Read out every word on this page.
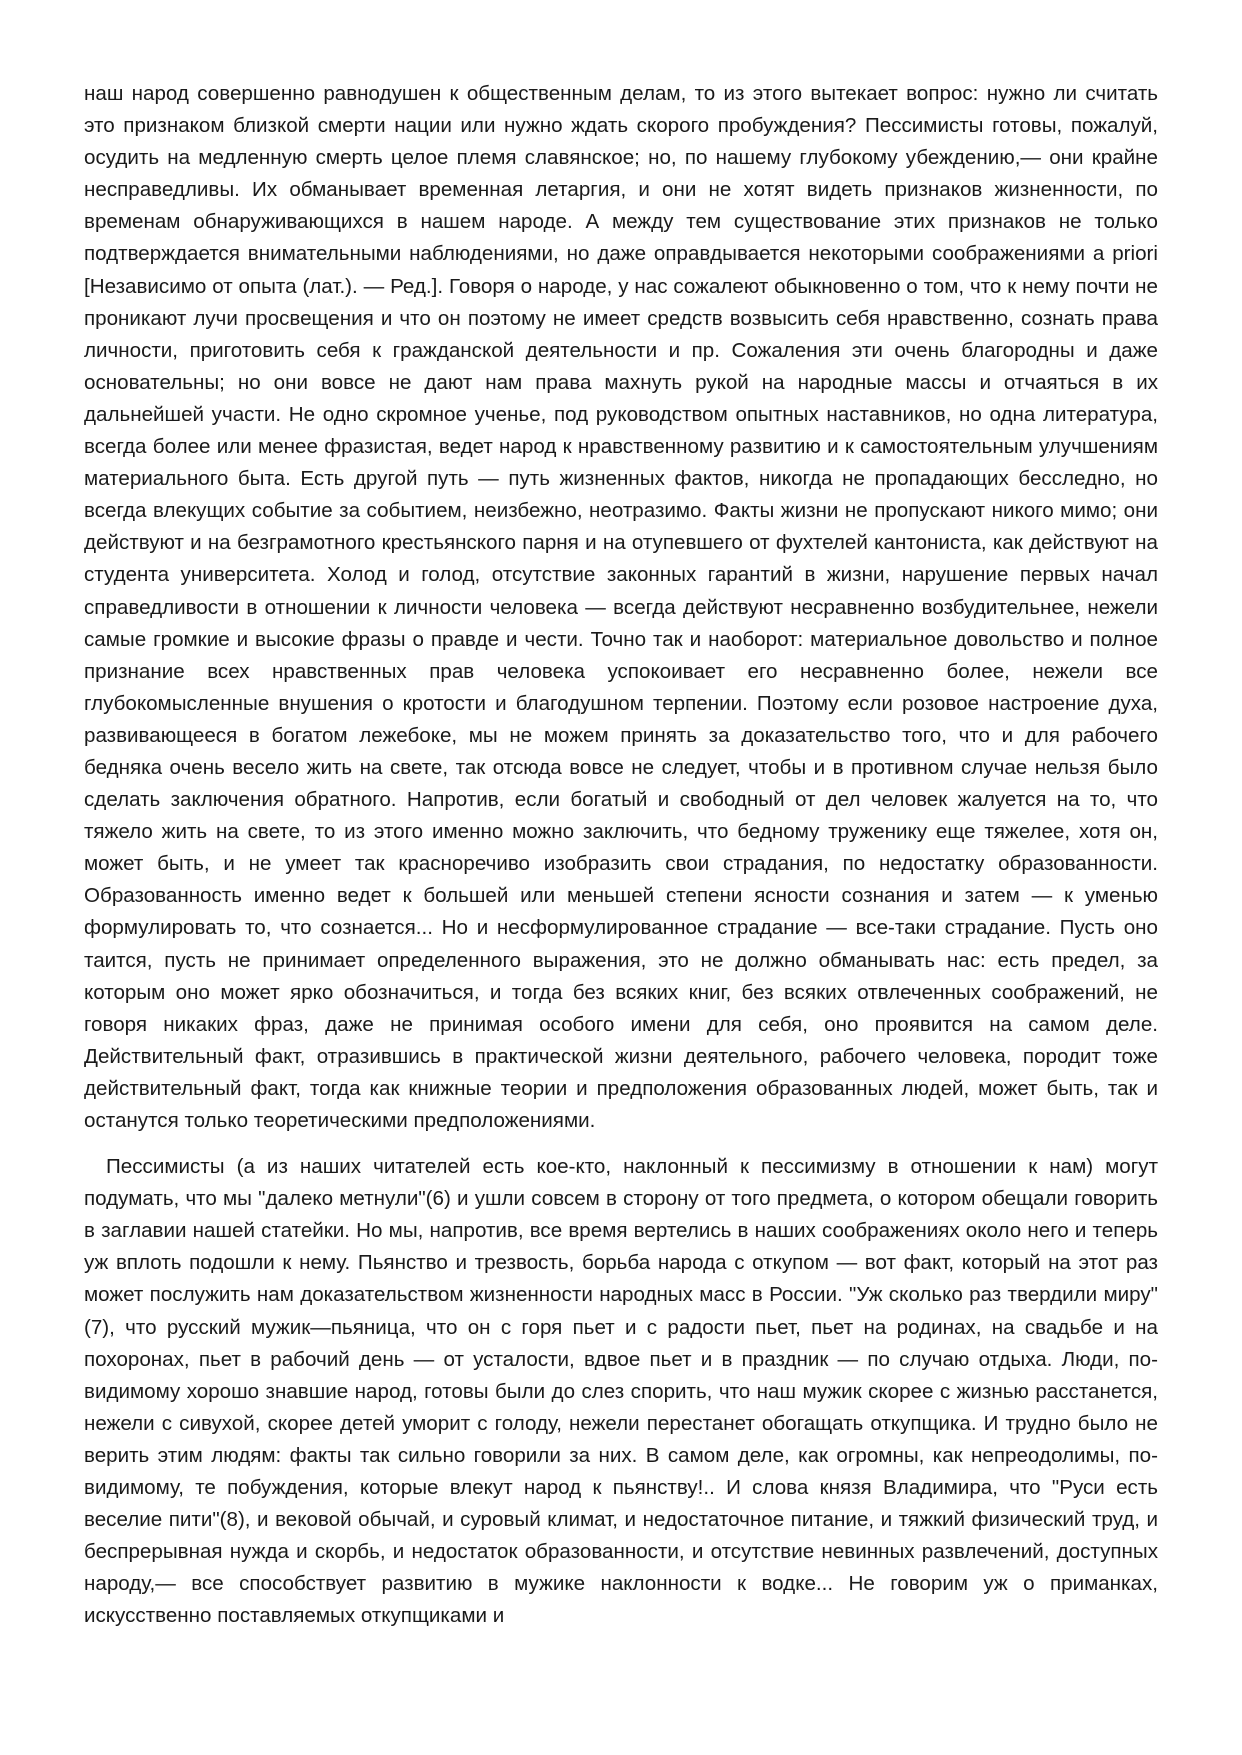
наш народ совершенно равнодушен к общественным делам, то из этого вытекает вопрос: нужно ли считать это признаком близкой смерти нации или нужно ждать скорого пробуждения? Пессимисты готовы, пожалуй, осудить на медленную смерть целое племя славянское; но, по нашему глубокому убеждению,— они крайне несправедливы. Их обманывает временная летаргия, и они не хотят видеть признаков жизненности, по временам обнаруживающихся в нашем народе. А между тем существование этих признаков не только подтверждается внимательными наблюдениями, но даже оправдывается некоторыми соображениями a priori [Независимо от опыта (лат.). — Ред.]. Говоря о народе, у нас сожалеют обыкновенно о том, что к нему почти не проникают лучи просвещения и что он поэтому не имеет средств возвысить себя нравственно, сознать права личности, приготовить себя к гражданской деятельности и пр. Сожаления эти очень благородны и даже основательны; но они вовсе не дают нам права махнуть рукой на народные массы и отчаяться в их дальнейшей участи. Не одно скромное ученье, под руководством опытных наставников, но одна литература, всегда более или менее фразистая, ведет народ к нравственному развитию и к самостоятельным улучшениям материального быта. Есть другой путь — путь жизненных фактов, никогда не пропадающих бесследно, но всегда влекущих событие за событием, неизбежно, неотразимо. Факты жизни не пропускают никого мимо; они действуют и на безграмотного крестьянского парня и на отупевшего от фухтелей кантониста, как действуют на студента университета. Холод и голод, отсутствие законных гарантий в жизни, нарушение первых начал справедливости в отношении к личности человека — всегда действуют несравненно возбудительнее, нежели самые громкие и высокие фразы о правде и чести. Точно так и наоборот: материальное довольство и полное признание всех нравственных прав человека успокоивает его несравненно более, нежели все глубокомысленные внушения о кротости и благодушном терпении. Поэтому если розовое настроение духа, развивающееся в богатом лежебоке, мы не можем принять за доказательство того, что и для рабочего бедняка очень весело жить на свете, так отсюда вовсе не следует, чтобы и в противном случае нельзя было сделать заключения обратного. Напротив, если богатый и свободный от дел человек жалуется на то, что тяжело жить на свете, то из этого именно можно заключить, что бедному труженику еще тяжелее, хотя он, может быть, и не умеет так красноречиво изобразить свои страдания, по недостатку образованности. Образованность именно ведет к большей или меньшей степени ясности сознания и затем — к уменью формулировать то, что сознается... Но и несформулированное страдание — все-таки страдание. Пусть оно таится, пусть не принимает определенного выражения, это не должно обманывать нас: есть предел, за которым оно может ярко обозначиться, и тогда без всяких книг, без всяких отвлеченных соображений, не говоря никаких фраз, даже не принимая особого имени для себя, оно проявится на самом деле. Действительный факт, отразившись в практической жизни деятельного, рабочего человека, породит тоже действительный факт, тогда как книжные теории и предположения образованных людей, может быть, так и останутся только теоретическими предположениями.

Пессимисты (а из наших читателей есть кое-кто, наклонный к пессимизму в отношении к нам) могут подумать, что мы "далеко метнули"(6) и ушли совсем в сторону от того предмета, о котором обещали говорить в заглавии нашей статейки. Но мы, напротив, все время вертелись в наших соображениях около него и теперь уж вплоть подошли к нему. Пьянство и трезвость, борьба народа с откупом — вот факт, который на этот раз может послужить нам доказательством жизненности народных масс в России. "Уж сколько раз твердили миру"(7), что русский мужик—пьяница, что он с горя пьет и с радости пьет, пьет на родинах, на свадьбе и на похоронах, пьет в рабочий день — от усталости, вдвое пьет и в праздник — по случаю отдыха. Люди, по-видимому хорошо знавшие народ, готовы были до слез спорить, что наш мужик скорее с жизнью расстанется, нежели с сивухой, скорее детей уморит с голоду, нежели перестанет обогащать откупщика. И трудно было не верить этим людям: факты так сильно говорили за них. В самом деле, как огромны, как непреодолимы, по-видимому, те побуждения, которые влекут народ к пьянству!.. И слова князя Владимира, что "Руси есть веселие пити"(8), и вековой обычай, и суровый климат, и недостаточное питание, и тяжкий физический труд, и беспрерывная нужда и скорбь, и недостаток образованности, и отсутствие невинных развлечений, доступных народу,— все способствует развитию в мужике наклонности к водке... Не говорим уж о приманках, искусственно поставляемых откупщиками и
